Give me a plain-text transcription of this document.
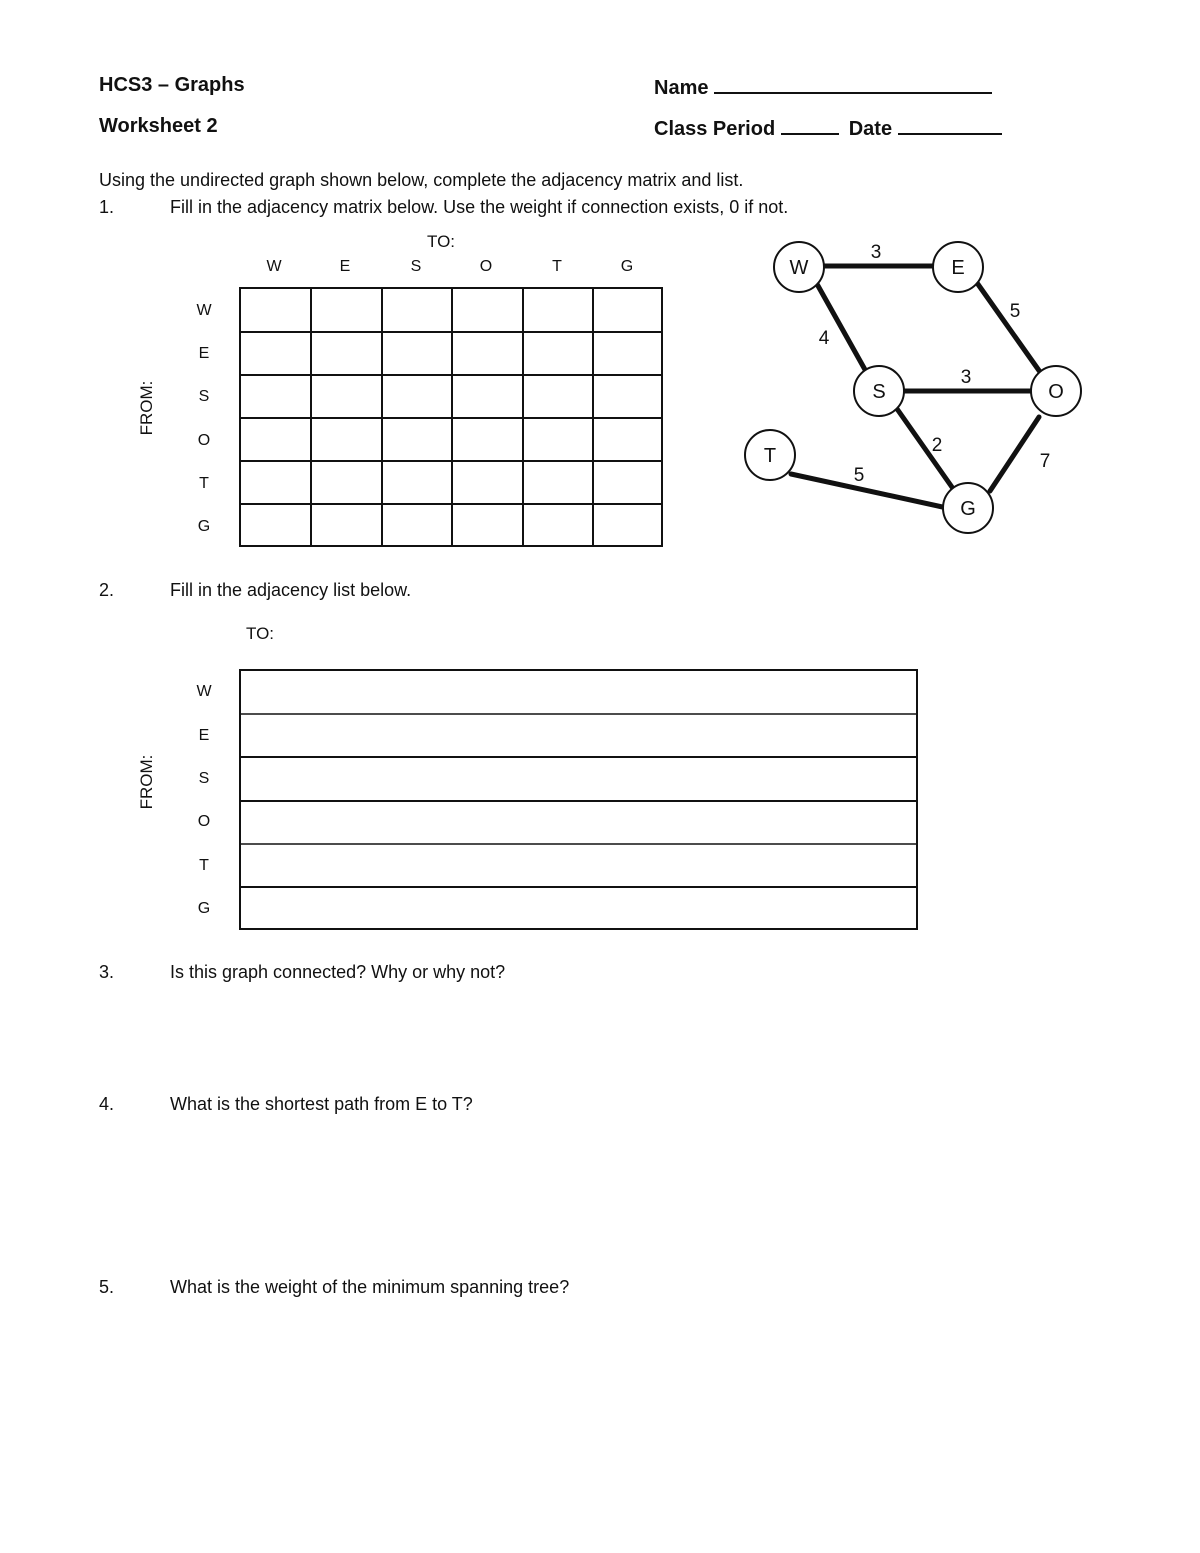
HCS3 – Graphs
Worksheet 2
Name
Class Period	Date
Using the undirected graph shown below, complete the adjacency matrix and list.
1.	Fill in the adjacency matrix below. Use the weight if connection exists, 0 if not.
TO:
W	E	S	O	T	G
W
E
S
O
T
G
FROM:
3
5
4
3
2
7
5
W	E
S	O
T
G
2.	Fill in the adjacency list below.
TO:
W
E
S
O
T
G
FROM:
3.	Is this graph connected? Why or why not?
4.	What is the shortest path from E to T?
5.	What is the weight of the minimum spanning tree?
